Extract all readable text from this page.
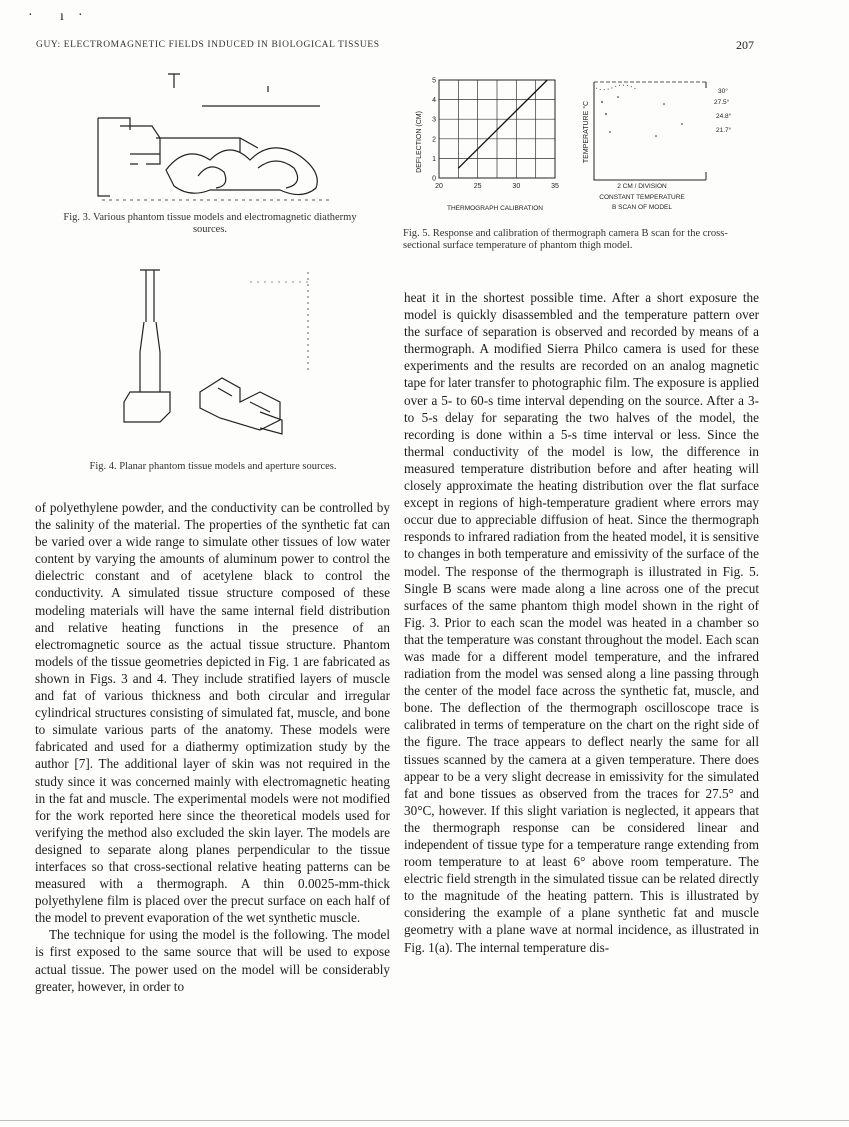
· ı ·
GUY: ELECTROMAGNETIC FIELDS INDUCED IN BIOLOGICAL TISSUES	207
Fig. 3. Various phantom tissue models and electromagnetic diathermy sources.
Fig. 4. Planar phantom tissue models and aperture sources.
20	25	30	35
0
1
2
3
4
5
DEFLECTION (CM)
THERMOGRAPH CALIBRATION
TEMPERATURE °C
30°
27.5°
24.8°
21.7°
2 CM / DIVISION
CONSTANT TEMPERATURE
B SCAN OF MODEL
Fig. 5. Response and calibration of thermograph camera B scan for the cross-sectional surface temperature of phantom thigh model.

of polyethylene powder, and the conductivity can be controlled by the salinity of the material. The properties of the synthetic fat can be varied over a wide range to simulate other tissues of low water content by varying the amounts of aluminum power to control the dielectric constant and of acetylene black to control the conductivity. A simulated tissue structure composed of these modeling materials will have the same internal field distribution and relative heating functions in the presence of an electromagnetic source as the actual tissue structure. Phantom models of the tissue geometries depicted in Fig. 1 are fabricated as shown in Figs. 3 and 4. They include stratified layers of muscle and fat of various thickness and both circular and irregular cylindrical structures consisting of simulated fat, muscle, and bone to simulate various parts of the anatomy. These models were fabricated and used for a diathermy optimization study by the author [7]. The additional layer of skin was not required in the study since it was concerned mainly with electromagnetic heating in the fat and muscle. The experimental models were not modified for the work reported here since the theoretical models used for verifying the method also excluded the skin layer. The models are designed to separate along planes perpendicular to the tissue interfaces so that cross-sectional relative heating patterns can be measured with a thermograph. A thin 0.0025-mm-thick polyethylene film is placed over the precut surface on each half of the model to prevent evaporation of the wet synthetic muscle.

The technique for using the model is the following. The model is first exposed to the same source that will be used to expose actual tissue. The power used on the model will be considerably greater, however, in order to

heat it in the shortest possible time. After a short exposure the model is quickly disassembled and the temperature pattern over the surface of separation is observed and recorded by means of a thermograph. A modified Sierra Philco camera is used for these experiments and the results are recorded on an analog magnetic tape for later transfer to photographic film. The exposure is applied over a 5- to 60-s time interval depending on the source. After a 3- to 5-s delay for separating the two halves of the model, the recording is done within a 5-s time interval or less. Since the thermal conductivity of the model is low, the difference in measured temperature distribution before and after heating will closely approximate the heating distribution over the flat surface except in regions of high-temperature gradient where errors may occur due to appreciable diffusion of heat. Since the thermograph responds to infrared radiation from the heated model, it is sensitive to changes in both temperature and emissivity of the surface of the model. The response of the thermograph is illustrated in Fig. 5. Single B scans were made along a line across one of the precut surfaces of the same phantom thigh model shown in the right of Fig. 3. Prior to each scan the model was heated in a chamber so that the temperature was constant throughout the model. Each scan was made for a different model temperature, and the infrared radiation from the model was sensed along a line passing through the center of the model face across the synthetic fat, muscle, and bone. The deflection of the thermograph oscilloscope trace is calibrated in terms of temperature on the chart on the right side of the figure. The trace appears to deflect nearly the same for all tissues scanned by the camera at a given temperature. There does appear to be a very slight decrease in emissivity for the simulated fat and bone tissues as observed from the traces for 27.5° and 30°C, however. If this slight variation is neglected, it appears that the thermograph response can be considered linear and independent of tissue type for a temperature range extending from room temperature to at least 6° above room temperature. The electric field strength in the simulated tissue can be related directly to the magnitude of the heating pattern. This is illustrated by considering the example of a plane synthetic fat and muscle geometry with a plane wave at normal incidence, as illustrated in Fig. 1(a). The internal temperature dis-
